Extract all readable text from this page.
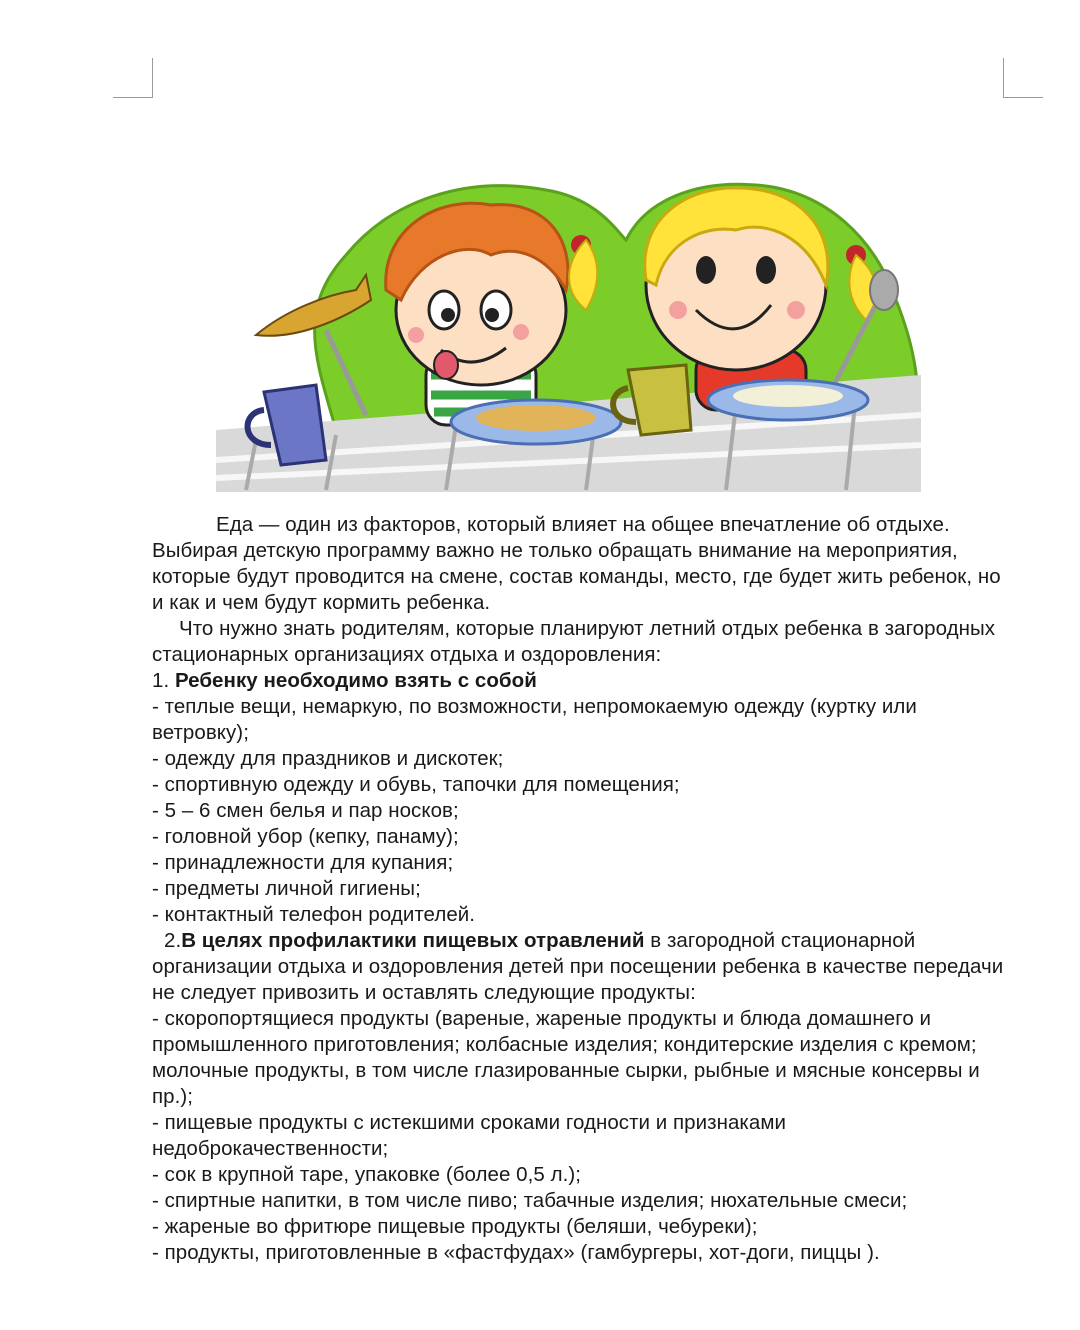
Еда — один из факторов, который влияет на общее впечатление об отдыхе. Выбирая детскую программу важно не только обращать внимание на мероприятия, которые будут проводится на смене, состав команды, место, где будет жить ребенок, но и как и чем будут кормить ребенка.

Что нужно знать родителям, которые планируют летний отдых ребенка в загородных стационарных организациях отдыха и оздоровления:

1. Ребенку необходимо взять с собой

- теплые вещи, немаркую, по возможности, непромокаемую одежду (куртку или ветровку);

- одежду для праздников и дискотек;

- спортивную одежду и обувь, тапочки для помещения;

- 5 – 6 смен белья и пар носков;

- головной убор (кепку, панаму);

- принадлежности для купания;

- предметы личной гигиены;

- контактный телефон родителей.

2.В целях профилактики пищевых отравлений в загородной стационарной организации отдыха и оздоровления детей при посещении ребенка в качестве передачи не следует привозить и оставлять следующие продукты:

- скоропортящиеся продукты (вареные, жареные продукты и блюда домашнего и промышленного приготовления; колбасные изделия; кондитерские изделия с кремом; молочные продукты, в том числе глазированные сырки, рыбные и мясные консервы и пр.);

- пищевые продукты с истекшими сроками годности и признаками недоброкачественности;

- сок в крупной таре, упаковке (более 0,5 л.);

- спиртные напитки, в том числе пиво; табачные изделия; нюхательные смеси;

- жареные во фритюре пищевые продукты (беляши, чебуреки);

- продукты, приготовленные в «фастфудах» (гамбургеры, хот-доги, пиццы ).
